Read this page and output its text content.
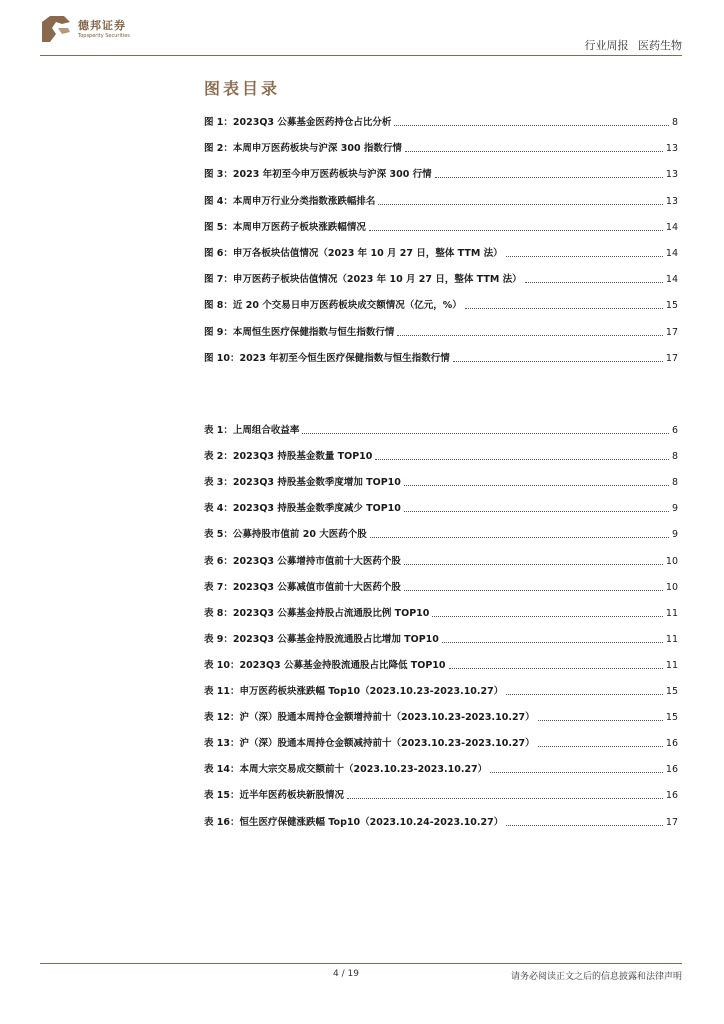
德邦证券
Topsperity Securities
行业周报 医药生物
图表目录
图 1：2023Q3 公募基金医药持仓占比分析	8
图 2：本周申万医药板块与沪深 300 指数行情	13
图 3：2023 年初至今申万医药板块与沪深 300 行情	13
图 4：本周申万行业分类指数涨跌幅排名	13
图 5：本周申万医药子板块涨跌幅情况	14
图 6：申万各板块估值情况（2023 年 10 月 27 日，整体 TTM 法）	14
图 7：申万医药子板块估值情况（2023 年 10 月 27 日，整体 TTM 法）	14
图 8：近 20 个交易日申万医药板块成交额情况（亿元，%）	15
图 9：本周恒生医疗保健指数与恒生指数行情	17
图 10：2023 年初至今恒生医疗保健指数与恒生指数行情	17
表 1：上周组合收益率	6
表 2：2023Q3 持股基金数量 TOP10	8
表 3：2023Q3 持股基金数季度增加 TOP10	8
表 4：2023Q3 持股基金数季度减少 TOP10	9
表 5：公募持股市值前 20 大医药个股	9
表 6：2023Q3 公募增持市值前十大医药个股	10
表 7：2023Q3 公募减值市值前十大医药个股	10
表 8：2023Q3 公募基金持股占流通股比例 TOP10	11
表 9：2023Q3 公募基金持股流通股占比增加 TOP10	11
表 10：2023Q3 公募基金持股流通股占比降低 TOP10	11
表 11：申万医药板块涨跌幅 Top10（2023.10.23-2023.10.27）	15
表 12：沪（深）股通本周持仓金额增持前十（2023.10.23-2023.10.27）	15
表 13：沪（深）股通本周持仓金额减持前十（2023.10.23-2023.10.27）	16
表 14：本周大宗交易成交额前十（2023.10.23-2023.10.27）	16
表 15：近半年医药板块新股情况	16
表 16：恒生医疗保健涨跌幅 Top10（2023.10.24-2023.10.27）	17
4 / 19	请务必阅读正文之后的信息披露和法律声明
